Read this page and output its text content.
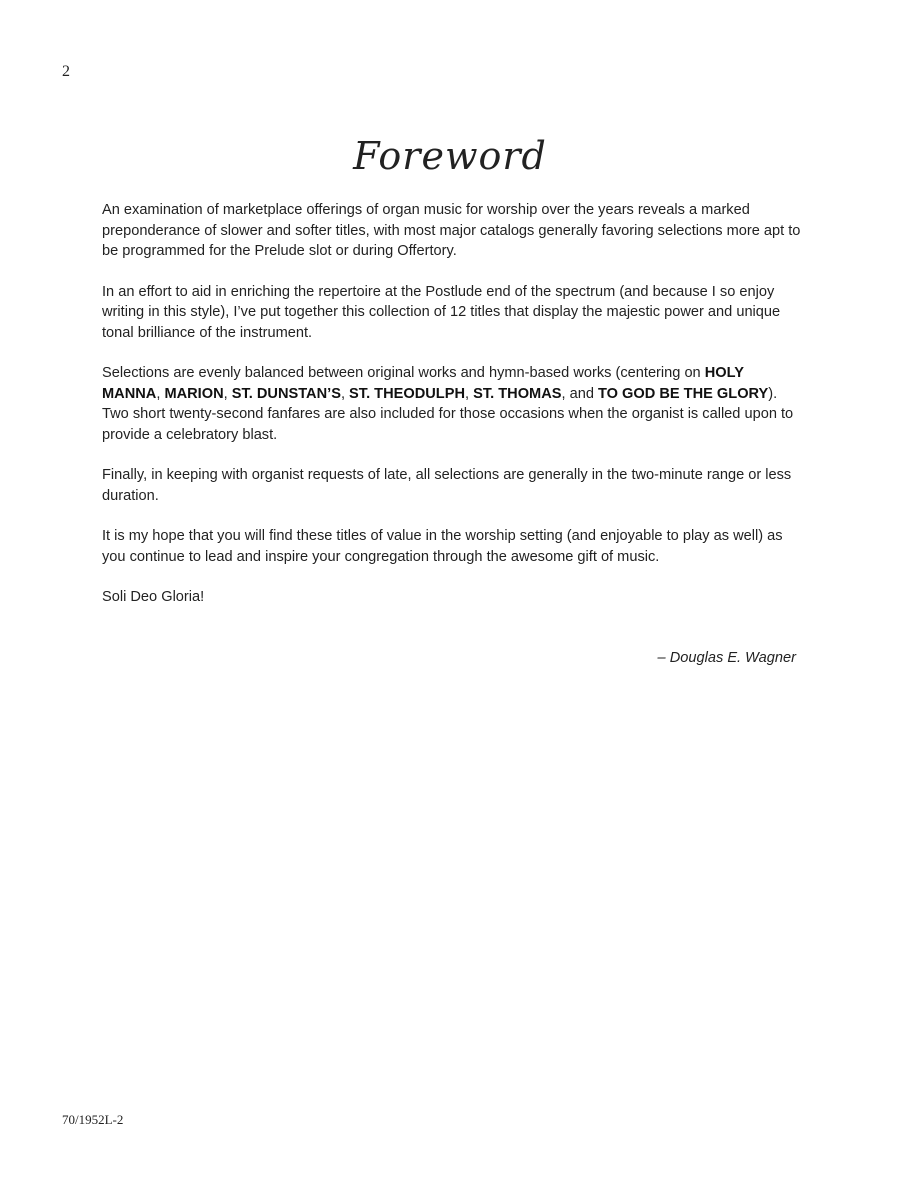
2
Foreword

An examination of marketplace offerings of organ music for worship over the years reveals a marked preponderance of slower and softer titles, with most major catalogs generally favoring selections more apt to be programmed for the Prelude slot or during Offertory.

In an effort to aid in enriching the repertoire at the Postlude end of the spectrum (and because I so enjoy writing in this style), I’ve put together this collection of 12 titles that display the majestic power and unique tonal brilliance of the instrument.

Selections are evenly balanced between original works and hymn-based works (centering on HOLY MANNA, MARION, ST. DUNSTAN’S, ST. THEODULPH, ST. THOMAS, and TO GOD BE THE GLORY). Two short twenty-second fanfares are also included for those occasions when the organist is called upon to provide a celebratory blast.

Finally, in keeping with organist requests of late, all selections are generally in the two-minute range or less duration.

It is my hope that you will find these titles of value in the worship setting (and enjoyable to play as well) as you continue to lead and inspire your congregation through the awesome gift of music.

Soli Deo Gloria!

– Douglas E. Wagner
70/1952L-2
